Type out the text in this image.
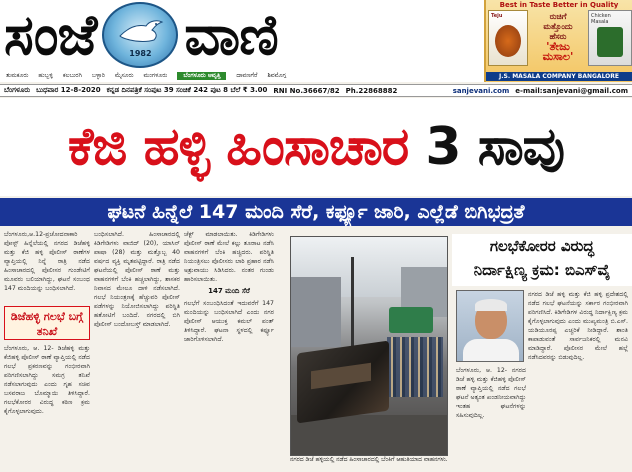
ಸಂಜೆ	1982 ವಾಣಿ
ತುಮಕೂರು ಹುಬ್ಬಳ್ಳಿ ಕಲಬುರಗಿ ಬಳ್ಳಾರಿ ಮೈಸೂರು ಮಂಗಳೂರು	ಬೆಂಗಳೂರು ಆವೃತ್ತಿ	ದಾವಣಗೆರೆ ಶಿವಮೊಗ್ಗ
Best in Taste Better in Quality
Teju	ರುಚಿಗೆ
ಮತ್ತೊಂದು
ಹೆಸರು
'ತೇಜು ಮಸಾಲ'
Chicken Masala
J.S. MASALA COMPANY BANGALORE
ಬೆಂಗಳೂರು ಬುಧವಾರ 12-8-2020 ಕನ್ನಡ ದಿನಪತ್ರಿಕೆ ಸಂಪುಟ 39 ಸಂಚಿಕೆ 242 ಪುಟ 8 ಬೆಲೆ ₹ 3.00 RNI No.36667/82 Ph.22868882	sanjevani.com e-mail:sanjevani@gmail.com
ಕೆಜಿ ಹಳ್ಳಿ ಹಿಂಸಾಚಾರ 3 ಸಾವು
ಘಟನೆ ಹಿನ್ನೆಲೆ 147 ಮಂದಿ ಸೆರೆ, ಕರ್ಫ್ಯೂ ಜಾರಿ, ಎಲ್ಲೆಡೆ ಬಿಗಿಭದ್ರತೆ

ಬೆಂಗಳೂರು,ಆ.12-ಪ್ರಚೋದನಾಕಾರಿ ಪೋಸ್ಟ್ ಹಿನ್ನೆಲೆಯಲ್ಲಿ ನಗರದ ಡಿಜೆಹಳ್ಳಿ ಮತ್ತು ಕೆಜಿ ಹಳ್ಳಿ ಪೊಲೀಸ್ ಠಾಣೆಗಳ ವ್ಯಾಪ್ತಿಯಲ್ಲಿ ನಿನ್ನೆ ರಾತ್ರಿ ನಡೆದ ಹಿಂಸಾಚಾರದಲ್ಲಿ ಪೊಲೀಸರ ಗುಂಡೇಟಿಗೆ ಮೂವರು ಬಲಿಯಾಗಿದ್ದು, ಘಟನೆ ಸಂಬಂಧ 147 ಮಂದಿಯನ್ನು ಬಂಧಿಸಲಾಗಿದೆ.

ಡಿಜೆಹಳ್ಳಿ ಗಲಭೆ ಬಗ್ಗೆ ತನಿಖೆ

ಬೆಂಗಳೂರು, ಆ. 12- ಡಿಜೆಹಳ್ಳಿ ಮತ್ತು ಕೆಜಿಹಳ್ಳಿ ಪೊಲೀಸ್ ಠಾಣೆ ವ್ಯಾಪ್ತಿಯಲ್ಲಿ ನಡೆದ ಗಲಭೆ ಪ್ರಕರಣವನ್ನು ಗಂಭೀರವಾಗಿ ಪರಿಗಣಿಸಲಾಗಿದ್ದು ಸಮಗ್ರ ತನಿಖೆ ನಡೆಸಲಾಗುವುದು ಎಂದು ಗೃಹ ಸಚಿವ ಬಸವರಾಜ ಬೊಮ್ಮಾಯಿ ತಿಳಿಸಿದ್ದಾರೆ. ಗಲಭೆಕೋರರ ವಿರುದ್ಧ ಕಠಿಣ ಕ್ರಮ ಕೈಗೊಳ್ಳಲಾಗುವುದು.

ಬಂಧಿಸಲಾಗಿದೆ. ಹಿಂಸಾಚಾರದಲ್ಲಿ ಕಿಡಿಗೇಡಿಗಳು ವಾಜಿದ್ (20), ಯಾಸಿನ್ ಪಾಷಾ (28) ಮತ್ತು ಮತ್ತೊಬ್ಬ 40 ವರ್ಷದ ವ್ಯಕ್ತಿ ಮೃತಪಟ್ಟಿದ್ದಾರೆ. ರಾತ್ರಿ ನಡೆದ ಘಟನೆಯಲ್ಲಿ ಪೊಲೀಸ್ ಠಾಣೆ ಮತ್ತು ವಾಹನಗಳಿಗೆ ಬೆಂಕಿ ಹಚ್ಚಲಾಗಿದ್ದು, ಶಾಸಕರ ನಿವಾಸದ ಮೇಲೂ ದಾಳಿ ನಡೆಸಲಾಗಿದೆ. ಗಲಭೆ ನಿಯಂತ್ರಣಕ್ಕೆ ಹೆಚ್ಚುವರಿ ಪೊಲೀಸ್ ಪಡೆಗಳನ್ನು ನಿಯೋಜಿಸಲಾಗಿದ್ದು ಪರಿಸ್ಥಿತಿ ಹತೋಟಿಗೆ ಬಂದಿದೆ. ನಗರದಲ್ಲಿ ಬಿಗಿ ಪೊಲೀಸ್ ಬಂದೋಬಸ್ತ್ ಮಾಡಲಾಗಿದೆ.

ಚೆಕ್ಟ್ ಮಾಡಲಾಯಿತು. ಕಿಡಿಗೇಡಿಗಳು ಪೊಲೀಸ್ ಠಾಣೆ ಮೇಲೆ ಕಲ್ಲು ತೂರಾಟ ನಡೆಸಿ ವಾಹನಗಳಿಗೆ ಬೆಂಕಿ ಹಚ್ಚಿದರು. ಪರಿಸ್ಥಿತಿ ನಿಯಂತ್ರಿಸಲು ಪೊಲೀಸರು ಲಾಠಿ ಪ್ರಹಾರ ನಡೆಸಿ ಅಶ್ರುವಾಯು ಸಿಡಿಸಿದರು. ನಂತರ ಗುಂಡು ಹಾರಿಸಲಾಯಿತು.

147 ಮಂದಿ ಸೆರೆ

ಗಲಭೆಗೆ ಸಂಬಂಧಿಸಿದಂತೆ ಇದುವರೆಗೆ 147 ಮಂದಿಯನ್ನು ಬಂಧಿಸಲಾಗಿದೆ ಎಂದು ನಗರ ಪೊಲೀಸ್ ಆಯುಕ್ತ ಕಮಲ್ ಪಂತ್ ತಿಳಿಸಿದ್ದಾರೆ. ಘಟನಾ ಸ್ಥಳದಲ್ಲಿ ಕರ್ಫ್ಯೂ ಜಾರಿಗೊಳಿಸಲಾಗಿದೆ.

ನಗರದ ಡಿಜೆ ಹಳ್ಳಿಯಲ್ಲಿ ನಡೆದ ಹಿಂಸಾಚಾರದಲ್ಲಿ ಬೆಂಕಿಗೆ ಆಹುತಿಯಾದ ವಾಹನಗಳು.
ಗಲಭೆಕೋರರ ವಿರುದ್ಧ
ನಿರ್ದಾಕ್ಷಿಣ್ಯ ಕ್ರಮ: ಬಿಎಸ್‌ವೈ

ನಗರದ ಡಿಜೆ ಹಳ್ಳಿ ಮತ್ತು ಕೆಜಿ ಹಳ್ಳಿ ಪ್ರದೇಶದಲ್ಲಿ ನಡೆದ ಗಲಭೆ ಘಟನೆಯನ್ನು ಸರ್ಕಾರ ಗಂಭೀರವಾಗಿ ಪರಿಗಣಿಸಿದೆ. ಕಿಡಿಗೇಡಿಗಳ ವಿರುದ್ಧ ನಿರ್ದಾಕ್ಷಿಣ್ಯ ಕ್ರಮ ಕೈಗೊಳ್ಳಲಾಗುವುದು ಎಂದು ಮುಖ್ಯಮಂತ್ರಿ ಬಿ.ಎಸ್. ಯಡಿಯೂರಪ್ಪ ಎಚ್ಚರಿಕೆ ನೀಡಿದ್ದಾರೆ. ಶಾಂತಿ ಕಾಪಾಡುವಂತೆ ಸಾರ್ವಜನಿಕರಲ್ಲಿ ಮನವಿ ಮಾಡಿದ್ದಾರೆ. ಪೊಲೀಸರ ಮೇಲೆ ಹಲ್ಲೆ ನಡೆಸಿದವರನ್ನು ಬಿಡುವುದಿಲ್ಲ.

ಬೆಂಗಳೂರು, ಆ. 12- ನಗರದ ಡಿಜೆ ಹಳ್ಳಿ ಮತ್ತು ಕೆಜಿಹಳ್ಳಿ ಪೊಲೀಸ್ ಠಾಣೆ ವ್ಯಾಪ್ತಿಯಲ್ಲಿ ನಡೆದ ಗಲಭೆ ಘಟನೆ ಅತ್ಯಂತ ಖಂಡನೀಯವಾಗಿದ್ದು ಇಂತಹ ಘಟನೆಗಳನ್ನು ಸಹಿಸುವುದಿಲ್ಲ.
